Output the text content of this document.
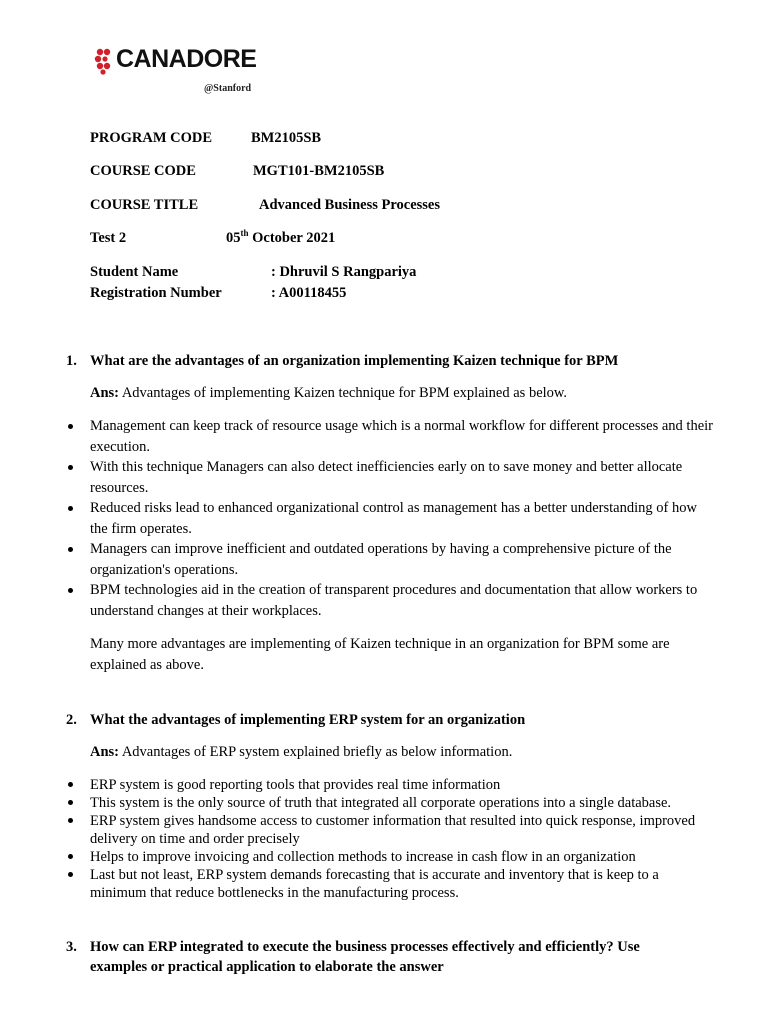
CANADORE
@Stanford
PROGRAM CODE	BM2105SB
COURSE CODE	MGT101-BM2105SB
COURSE TITLE	Advanced Business Processes
Test 2	05th October 2021
Student Name	: Dhruvil S Rangpariya
Registration Number	: A00118455
1. What are the advantages of an organization implementing Kaizen technique for BPM
Ans: Advantages of implementing Kaizen technique for BPM explained as below.
Management can keep track of resource usage which is a normal workflow for different processes and their execution.
With this technique Managers can also detect inefficiencies early on to save money and better allocate resources.
Reduced risks lead to enhanced organizational control as management has a better understanding of how the firm operates.
Managers can improve inefficient and outdated operations by having a comprehensive picture of the organization's operations.
BPM technologies aid in the creation of transparent procedures and documentation that allow workers to understand changes at their workplaces.
Many more advantages are implementing of Kaizen technique in an organization for BPM some are explained as above.
2. What the advantages of implementing ERP system for an organization
Ans: Advantages of ERP system explained briefly as below information.
ERP system is good reporting tools that provides real time information
This system is the only source of truth that integrated all corporate operations into a single database.
ERP system gives handsome access to customer information that resulted into quick response, improved delivery on time and order precisely
Helps to improve invoicing and collection methods to increase in cash flow in an organization
Last but not least, ERP system demands forecasting that is accurate and inventory that is keep to a minimum that reduce bottlenecks in the manufacturing process.
3. How can ERP integrated to execute the business processes effectively and efficiently? Use examples or practical application to elaborate the answer
